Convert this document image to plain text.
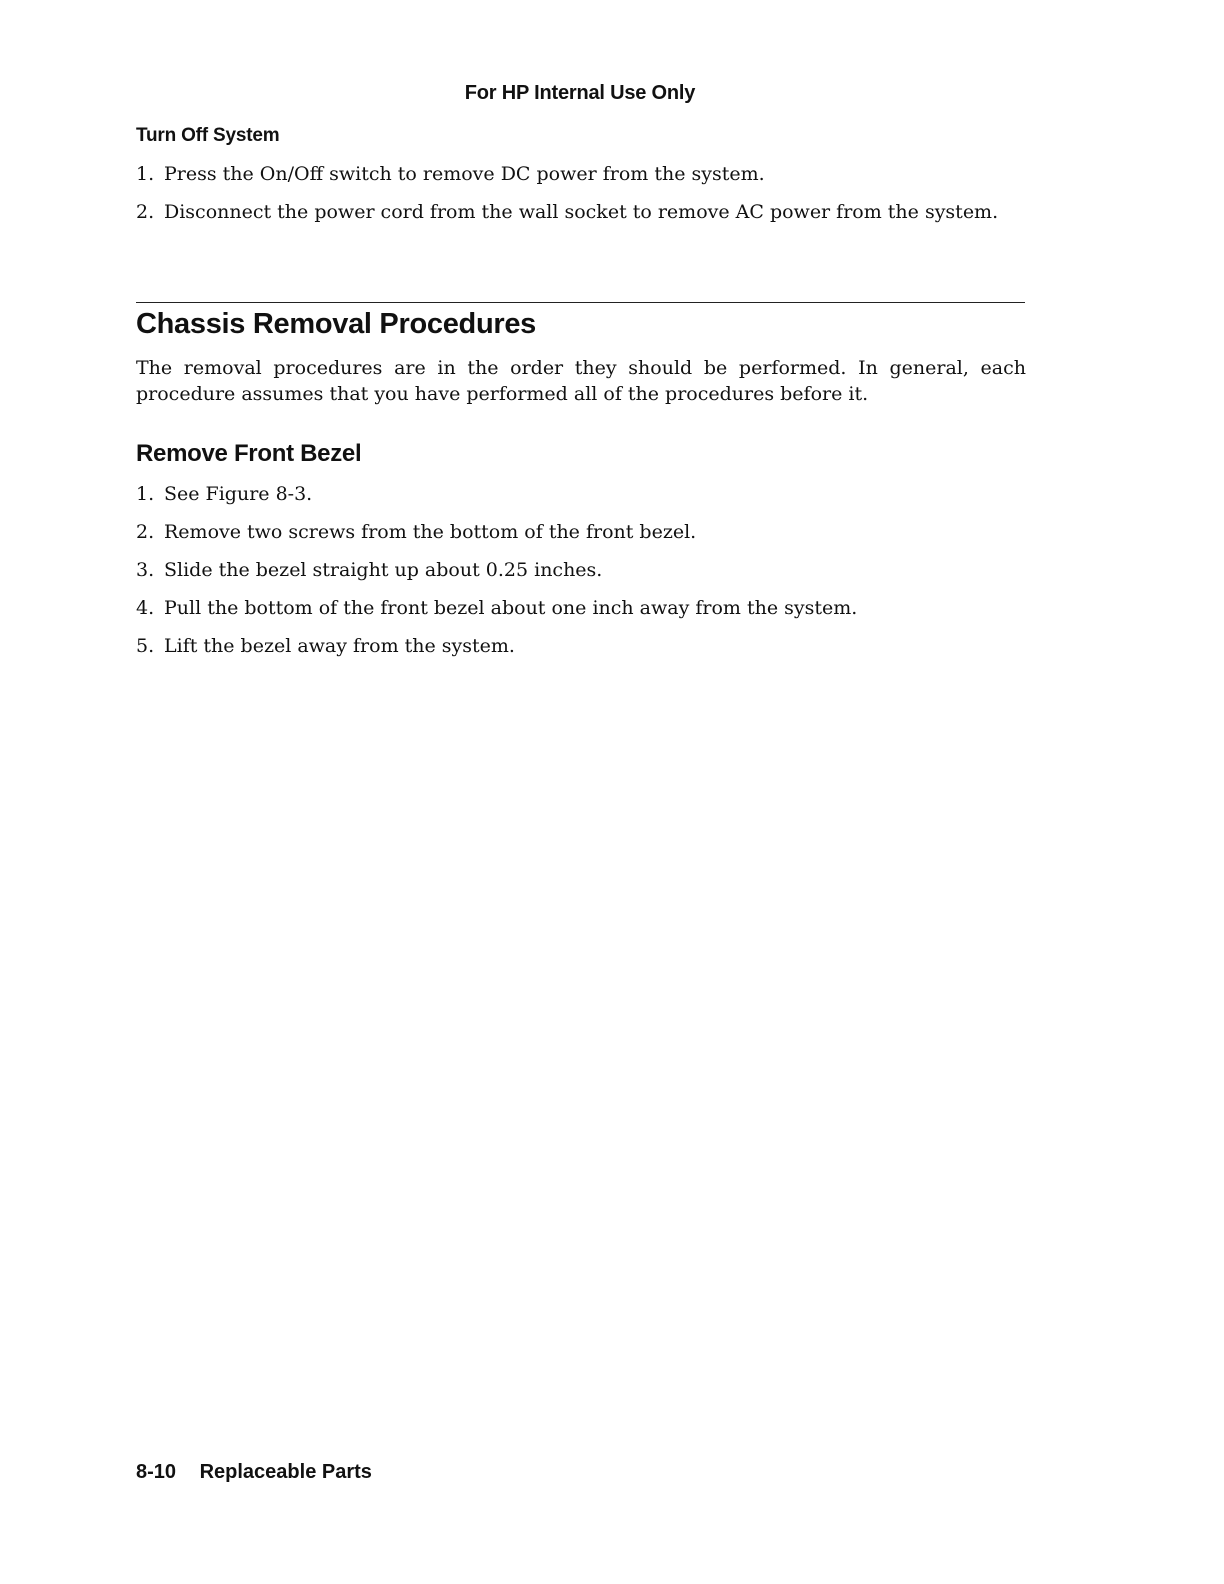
For HP Internal Use Only
Turn Off System
1. Press the On/Off switch to remove DC power from the system.
2. Disconnect the power cord from the wall socket to remove AC power from the system.
Chassis Removal Procedures

The removal procedures are in the order they should be performed. In general, each procedure assumes that you have performed all of the procedures before it.

Remove Front Bezel
1. See Figure 8-3.
2. Remove two screws from the bottom of the front bezel.
3. Slide the bezel straight up about 0.25 inches.
4. Pull the bottom of the front bezel about one inch away from the system.
5. Lift the bezel away from the system.
8-10 Replaceable Parts
